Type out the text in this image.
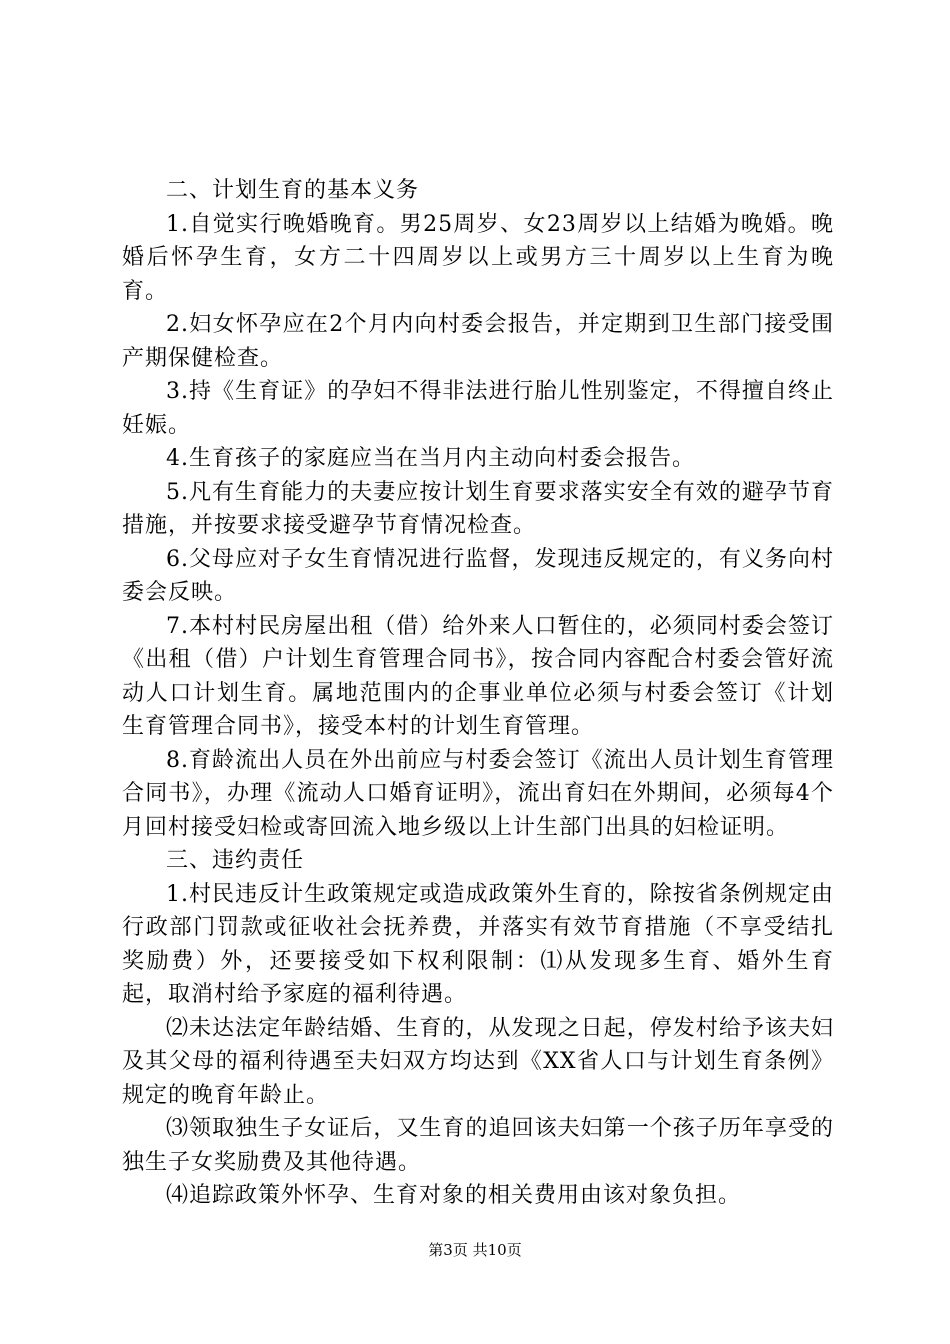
二、计划生育的基本义务

1.自觉实行晚婚晚育。男25周岁、女23周岁以上结婚为晚婚。晚婚后怀孕生育，女方二十四周岁以上或男方三十周岁以上生育为晚育。

2.妇女怀孕应在2个月内向村委会报告，并定期到卫生部门接受围产期保健检查。

3.持《生育证》的孕妇不得非法进行胎儿性别鉴定，不得擅自终止妊娠。

4.生育孩子的家庭应当在当月内主动向村委会报告。

5.凡有生育能力的夫妻应按计划生育要求落实安全有效的避孕节育措施，并按要求接受避孕节育情况检查。

6.父母应对子女生育情况进行监督，发现违反规定的，有义务向村委会反映。

7.本村村民房屋出租（借）给外来人口暂住的，必须同村委会签订《出租（借）户计划生育管理合同书》，按合同内容配合村委会管好流动人口计划生育。属地范围内的企事业单位必须与村委会签订《计划生育管理合同书》，接受本村的计划生育管理。

8.育龄流出人员在外出前应与村委会签订《流出人员计划生育管理合同书》，办理《流动人口婚育证明》，流出育妇在外期间，必须每4个月回村接受妇检或寄回流入地乡级以上计生部门出具的妇检证明。

三、违约责任

1.村民违反计生政策规定或造成政策外生育的，除按省条例规定由行政部门罚款或征收社会抚养费，并落实有效节育措施（不享受结扎奖励费）外，还要接受如下权利限制：⑴从发现多生育、婚外生育起，取消村给予家庭的福利待遇。

⑵未达法定年龄结婚、生育的，从发现之日起，停发村给予该夫妇及其父母的福利待遇至夫妇双方均达到《XX省人口与计划生育条例》规定的晚育年龄止。

⑶领取独生子女证后，又生育的追回该夫妇第一个孩子历年享受的独生子女奖励费及其他待遇。

⑷追踪政策外怀孕、生育对象的相关费用由该对象负担。

第3页 共10页
